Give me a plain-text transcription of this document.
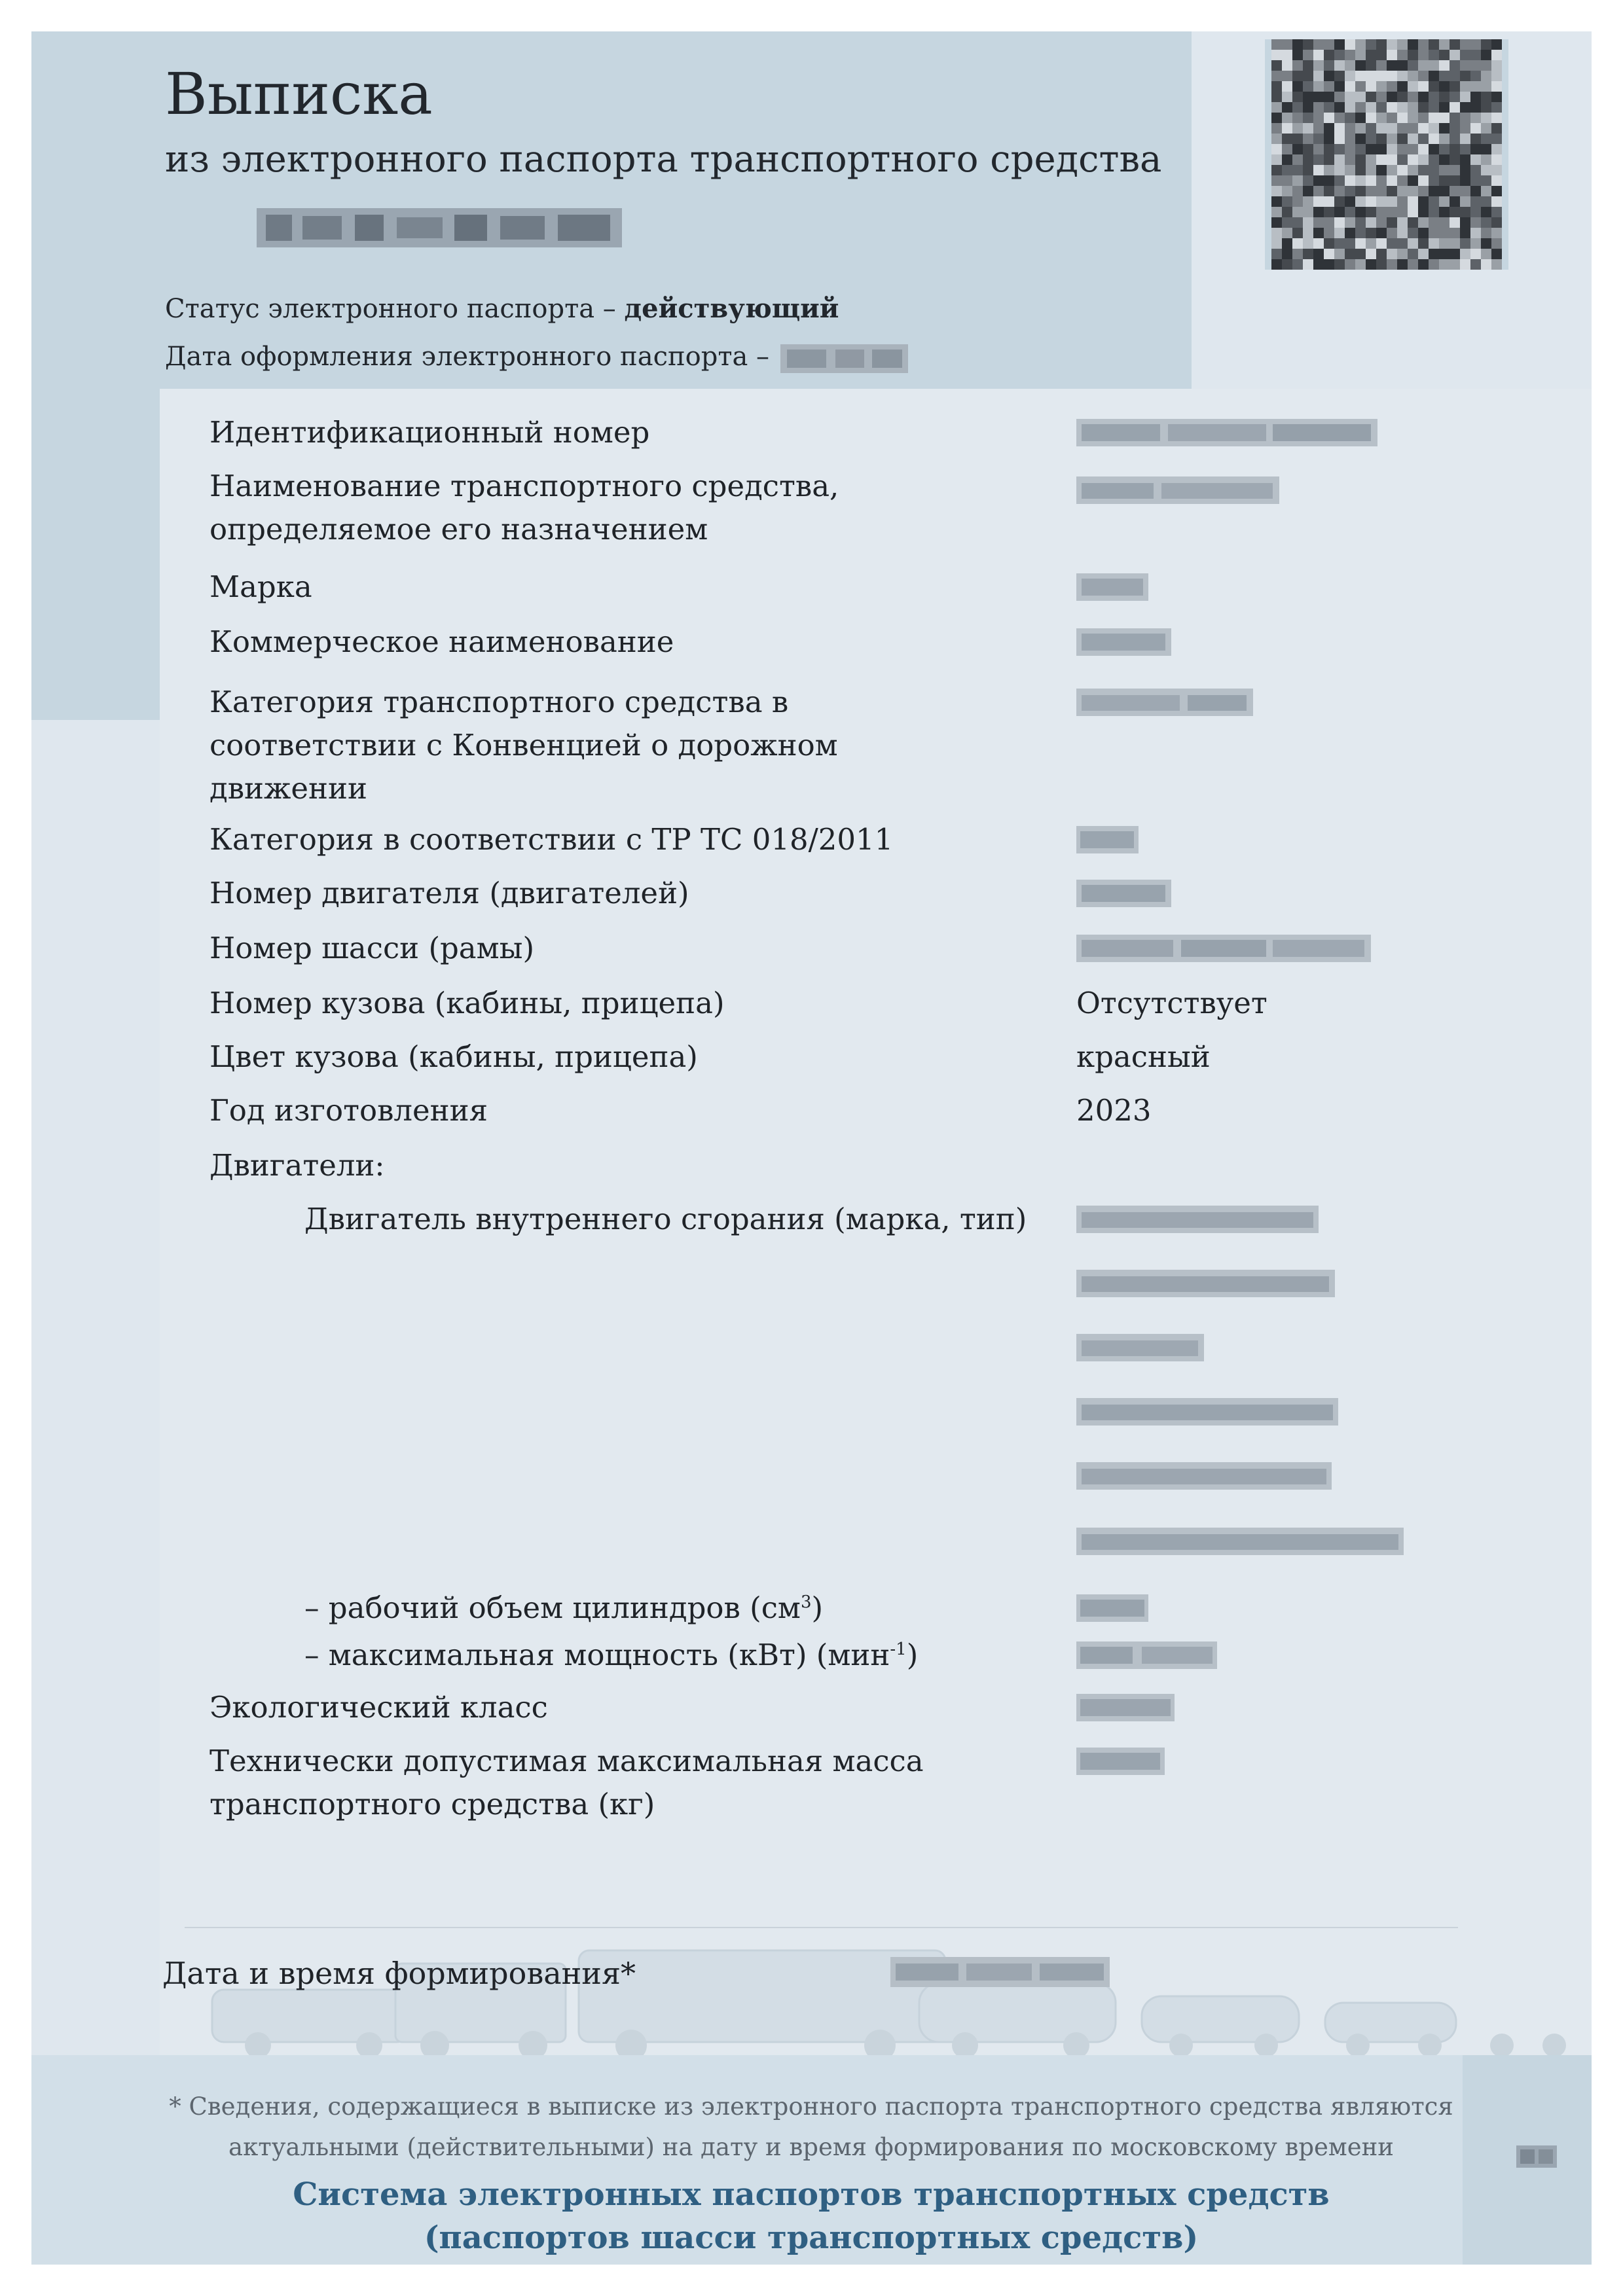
Выписка
из электронного паспорта транспортного средства
Статус электронного паспорта – действующий
Дата оформления электронного паспорта –
Идентификационный номер
Наименование транспортного средства, определяемое его назначением
Марка
Коммерческое наименование
Категория транспортного средства в соответствии с Конвенцией о дорожном движении
Категория в соответствии с ТР ТС 018/2011
Номер двигателя (двигателей)
Номер шасси (рамы)
Номер кузова (кабины, прицепа)
Цвет кузова (кабины, прицепа)
Год изготовления
Двигатели:
Двигатель внутреннего сгорания (марка, тип)
– рабочий объем цилиндров $(см^3)$
– максимальная мощность (кВт) (мин$^{-1}$)
Экологический класс
Технически допустимая максимальная масса транспортного средства (кг)
Отсутствует
красный
2023
Дата и время формирования*
* Сведения, содержащиеся в выписке из электронного паспорта транспортного средства являются
актуальными (действительными) на дату и время формирования по московскому времени
Система электронных паспортов транспортных средств
(паспортов шасси транспортных средств)
